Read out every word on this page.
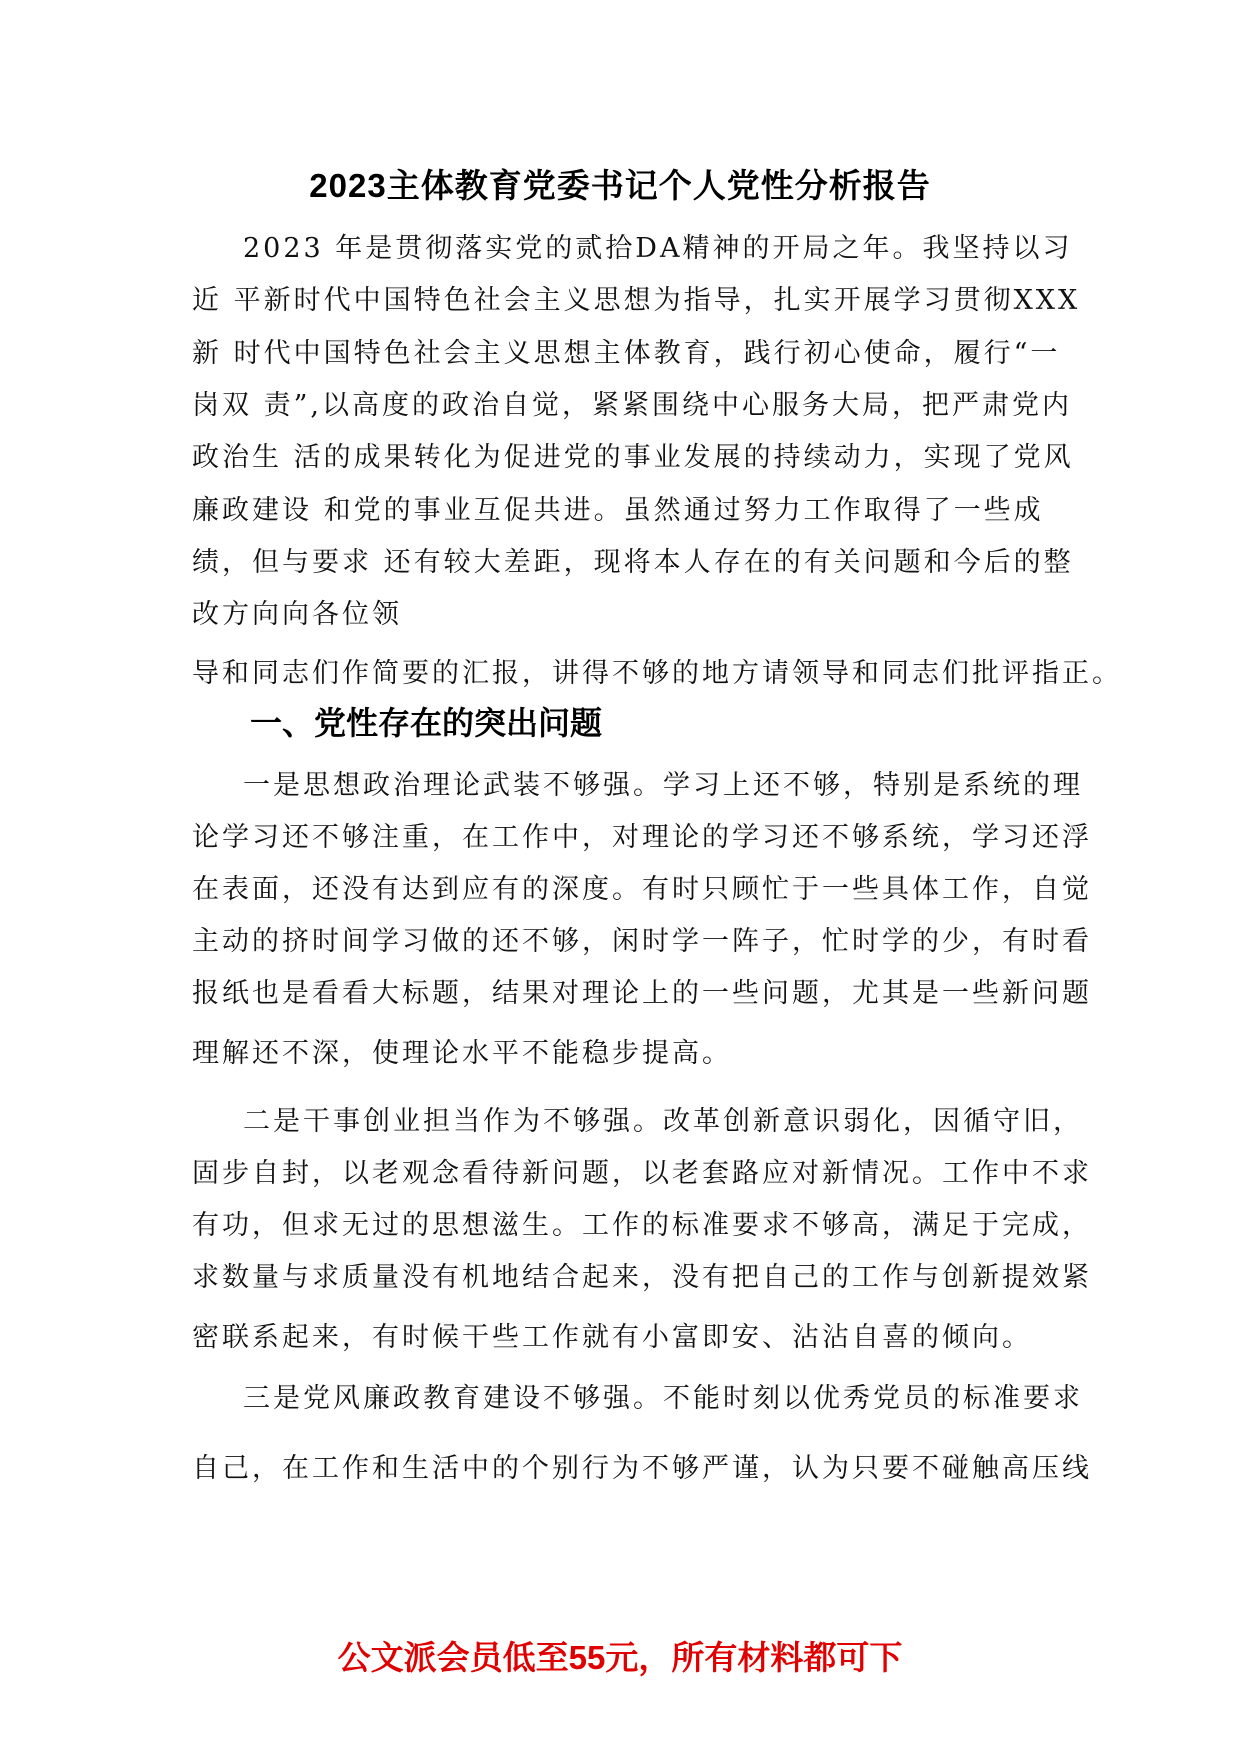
2023主体教育党委书记个人党性分析报告
2023 年是贯彻落实党的贰拾DA精神的开局之年。我坚持以习
近 平新时代中国特色社会主义思想为指导，扎实开展学习贯彻XXX
新 时代中国特色社会主义思想主体教育，践行初心使命，履行“一
岗双 责”,以高度的政治自觉，紧紧围绕中心服务大局，把严肃党内
政治生 活的成果转化为促进党的事业发展的持续动力，实现了党风
廉政建设 和党的事业互促共进。虽然通过努力工作取得了一些成
绩，但与要求 还有较大差距，现将本人存在的有关问题和今后的整
改方向向各位领
导和同志们作简要的汇报，讲得不够的地方请领导和同志们批评指正。
一、党性存在的突出问题
一是思想政治理论武装不够强。学习上还不够，特别是系统的理
论学习还不够注重，在工作中，对理论的学习还不够系统，学习还浮
在表面，还没有达到应有的深度。有时只顾忙于一些具体工作，自觉
主动的挤时间学习做的还不够，闲时学一阵子，忙时学的少，有时看
报纸也是看看大标题，结果对理论上的一些问题，尤其是一些新问题
理解还不深，使理论水平不能稳步提高。
二是干事创业担当作为不够强。改革创新意识弱化，因循守旧，
固步自封，以老观念看待新问题，以老套路应对新情况。工作中不求
有功，但求无过的思想滋生。工作的标准要求不够高，满足于完成，
求数量与求质量没有机地结合起来，没有把自己的工作与创新提效紧
密联系起来，有时候干些工作就有小富即安、沾沾自喜的倾向。
三是党风廉政教育建设不够强。不能时刻以优秀党员的标准要求
自己，在工作和生活中的个别行为不够严谨，认为只要不碰触高压线
公文派会员低至55元，所有材料都可下
